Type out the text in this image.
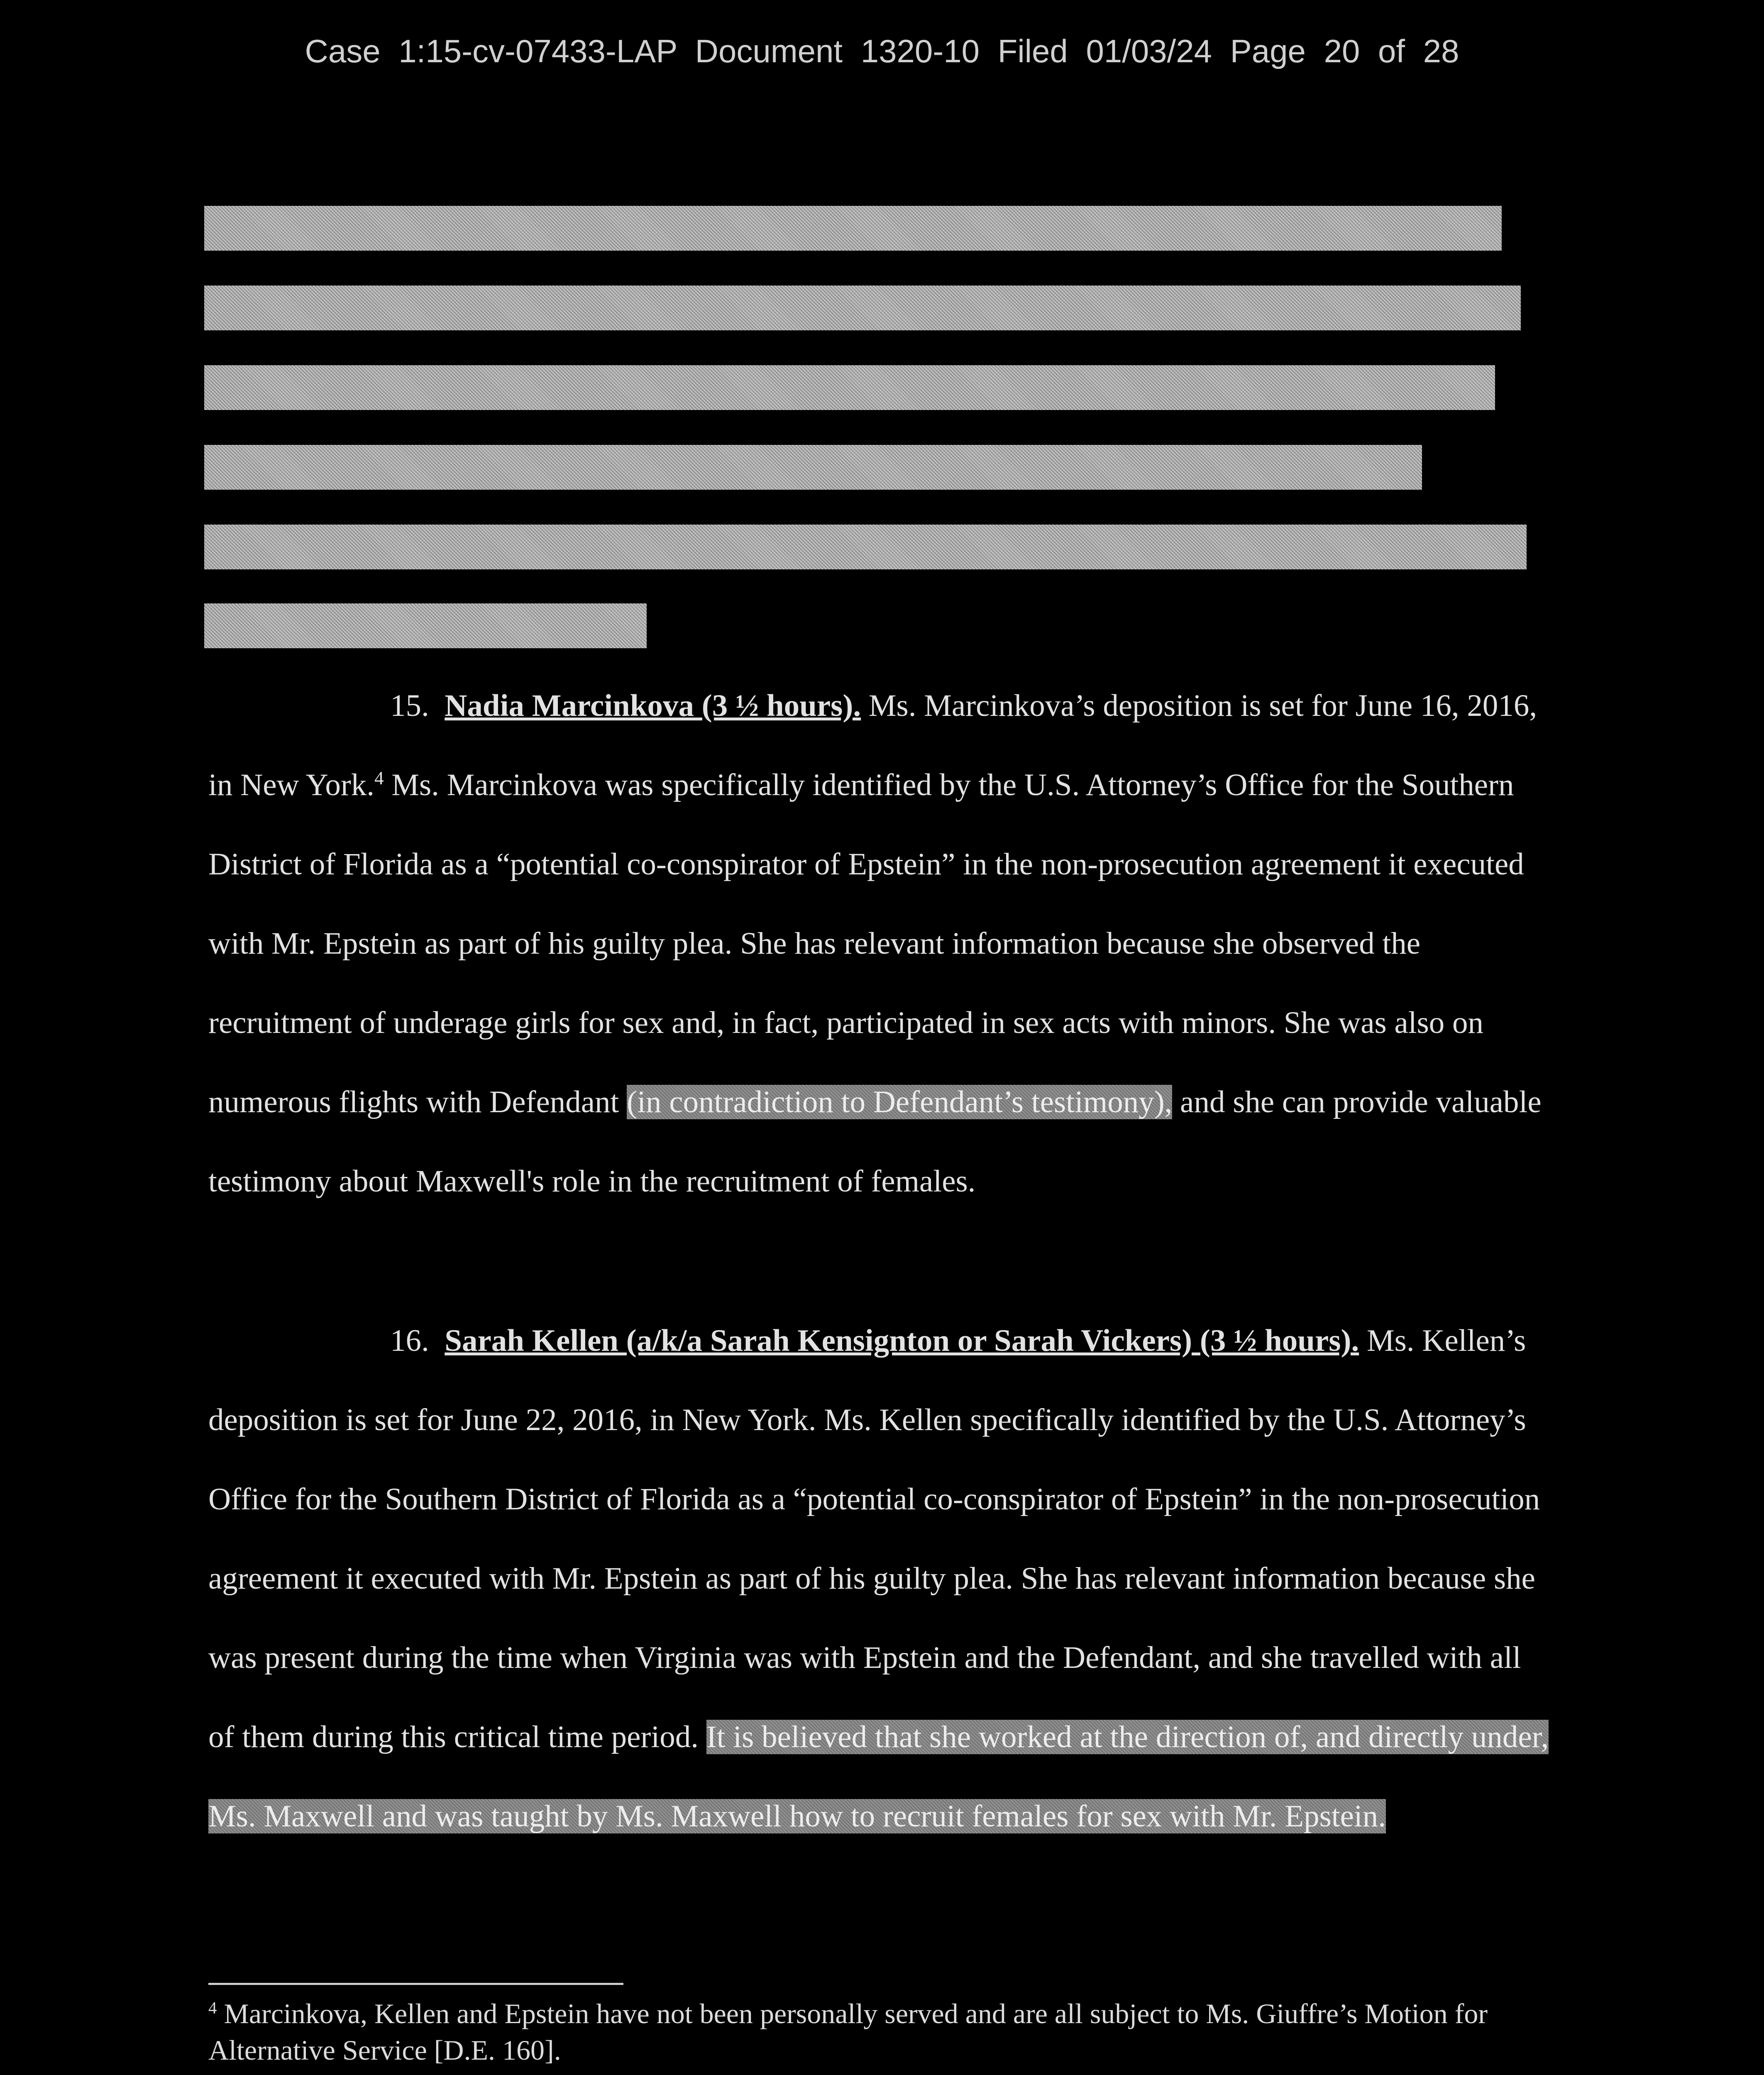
Case 1:15-cv-07433-LAP Document 1320-10 Filed 01/03/24 Page 20 of 28
15. Nadia Marcinkova (3 ½ hours). Ms. Marcinkova’s deposition is set for June 16, 2016, in New York.$^4$ Ms. Marcinkova was specifically identified by the U.S. Attorney’s Office for the Southern District of Florida as a “potential co-conspirator of Epstein” in the non-prosecution agreement it executed with Mr. Epstein as part of his guilty plea. She has relevant information because she observed the recruitment of underage girls for sex and, in fact, participated in sex acts with minors. She was also on numerous flights with Defendant (in contradiction to Defendant’s testimony), and she can provide valuable testimony about Maxwell's role in the recruitment of females.
16. Sarah Kellen (a/k/a Sarah Kensignton or Sarah Vickers) (3 ½ hours). Ms. Kellen’s deposition is set for June 22, 2016, in New York. Ms. Kellen specifically identified by the U.S. Attorney’s Office for the Southern District of Florida as a “potential co-conspirator of Epstein” in the non-prosecution agreement it executed with Mr. Epstein as part of his guilty plea. She has relevant information because she was present during the time when Virginia was with Epstein and the Defendant, and she travelled with all of them during this critical time period. It is believed that she worked at the direction of, and directly under, Ms. Maxwell and was taught by Ms. Maxwell how to recruit females for sex with Mr. Epstein.
$^4$ Marcinkova, Kellen and Epstein have not been personally served and are all subject to Ms. Giuffre’s Motion for Alternative Service [D.E. 160].
